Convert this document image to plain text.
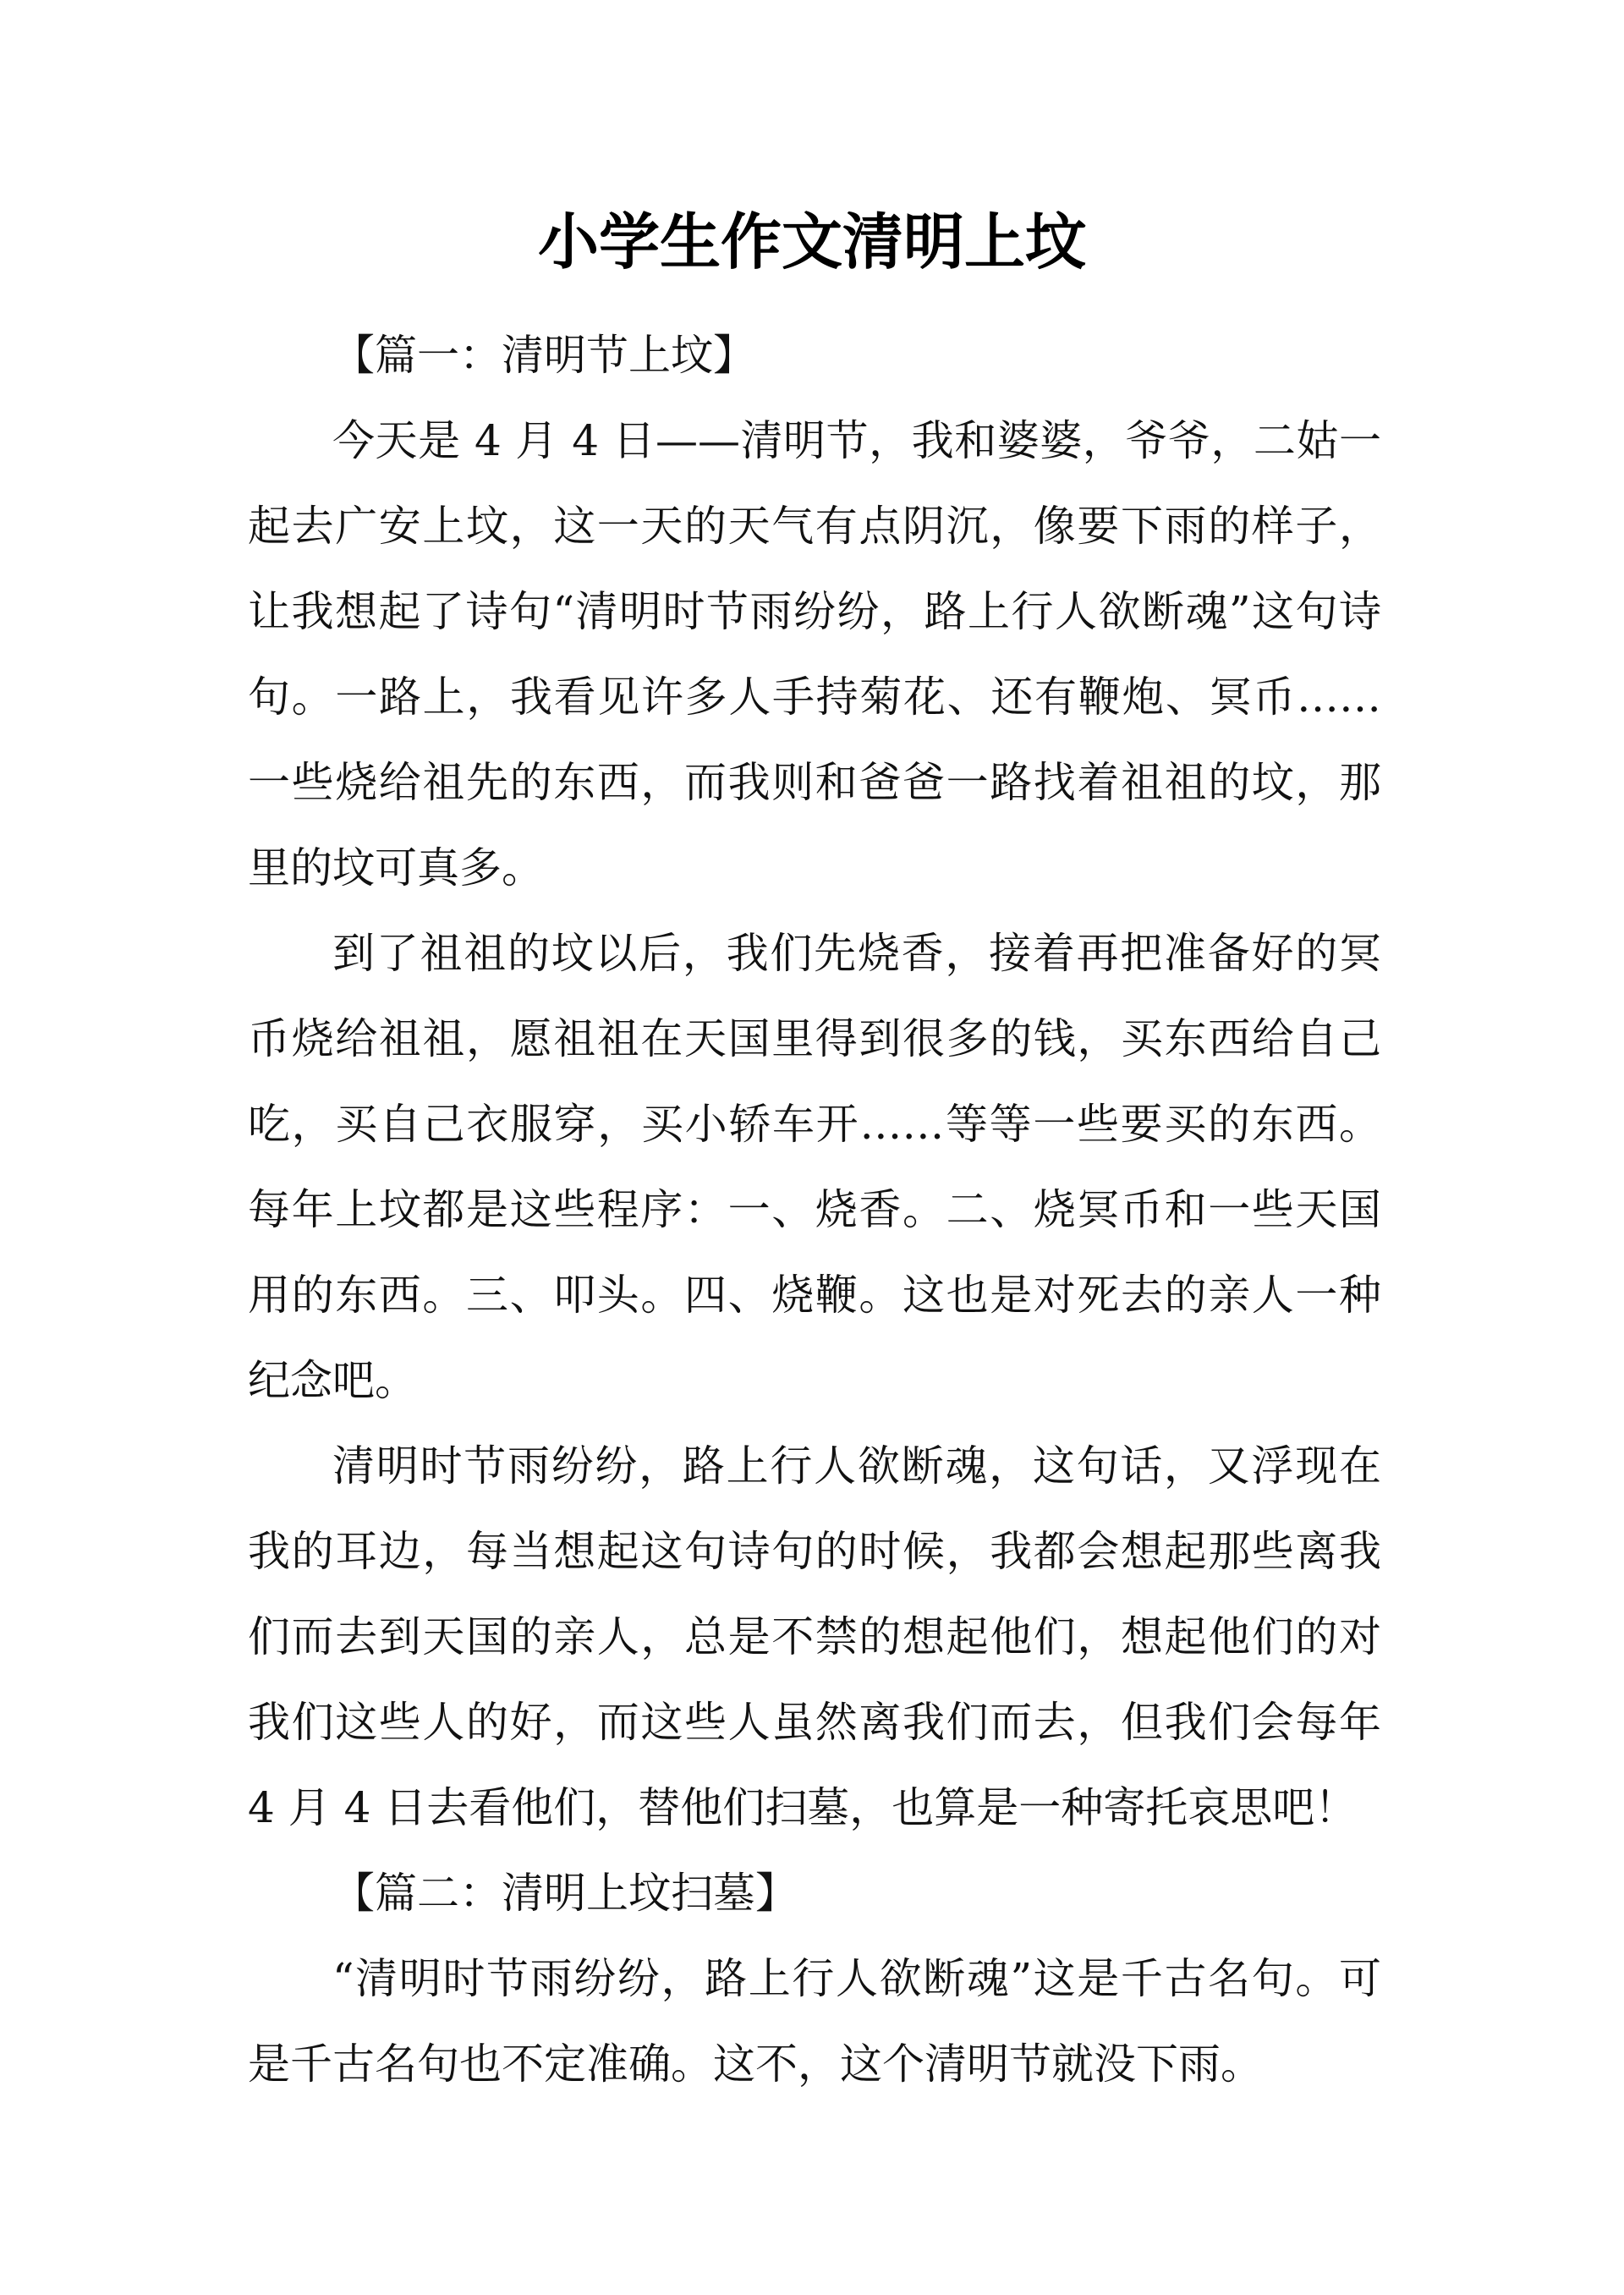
小学生作文清明上坟

【篇一：清明节上坟】

今天是 4 月 4 日——清明节，我和婆婆，爷爷，二姑一起去广安上坟，这一天的天气有点阴沉，像要下雨的样子，让我想起了诗句“清明时节雨纷纷，路上行人欲断魂”这句诗句。一路上，我看见许多人手持菊花、还有鞭炮、冥币……一些烧给祖先的东西，而我则和爸爸一路找着祖祖的坟，那里的坟可真多。

到了祖祖的坟以后，我们先烧香，接着再把准备好的冥币烧给祖祖，愿祖祖在天国里得到很多的钱，买东西给自己吃，买自己衣服穿，买小轿车开……等等一些要买的东西。每年上坟都是这些程序：一、烧香。二、烧冥币和一些天国用的东西。三、叩头。四、烧鞭。这也是对死去的亲人一种纪念吧。

清明时节雨纷纷，路上行人欲断魂，这句话，又浮现在我的耳边，每当想起这句诗句的时候，我都会想起那些离我们而去到天国的亲人，总是不禁的想起他们，想起他们的对我们这些人的好，而这些人虽然离我们而去，但我们会每年 4 月 4 日去看他们，替他们扫墓，也算是一种寄托哀思吧！

【篇二：清明上坟扫墓】

“清明时节雨纷纷，路上行人欲断魂”这是千古名句。可是千古名句也不定准确。这不，这个清明节就没下雨。
